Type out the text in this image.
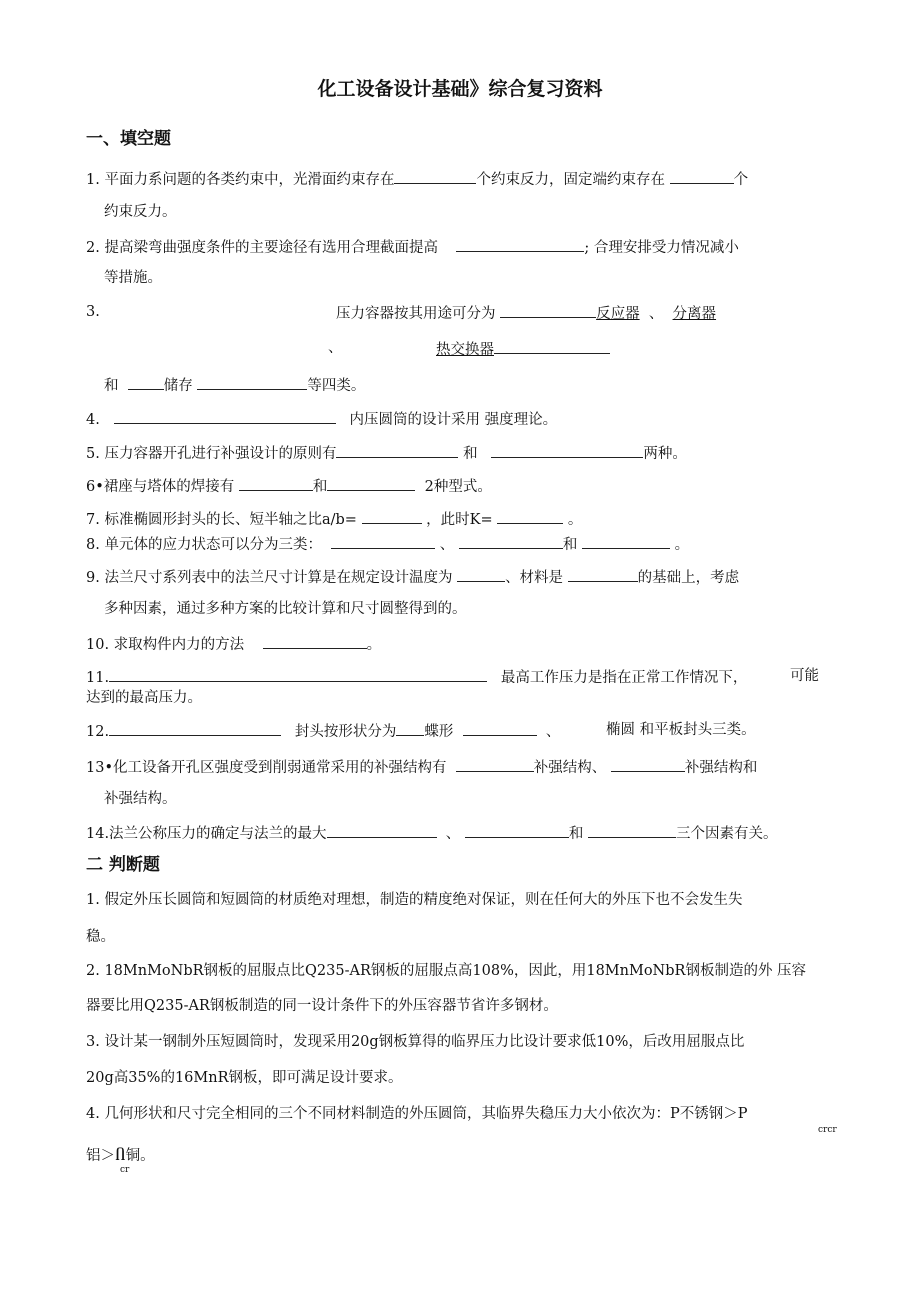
化工设备设计基础》综合复习资料
一、填空题
1. 平面力系问题的各类约束中，光滑面约束存在	个约束反力，固定端约束存在	个
约束反力。
2. 提高梁弯曲强度条件的主要途径有选用合理截面提高	; 合理安排受力情况减小
等措施。
3.	压力容器按其用途可分为	反应器 、 分离器
、	热交换器
和	储存	等四类。
4.	内压圆筒的设计采用 强度理论。
5. 压力容器开孔进行补强设计的原则有	和	两种。
6•裙座与塔体的焊接有	和	2种型式。
7. 标准椭圆形封头的长、短半轴之比a/b=	，此时K=	。
8. 单元体的应力状态可以分为三类：	、	和	。
9. 法兰尺寸系列表中的法兰尺寸计算是在规定设计温度为	、材料是	的基础上，考虑
多种因素，通过多种方案的比较计算和尺寸圆整得到的。
10. 求取构件内力的方法	。
11.	最高工作压力是指在正常工作情况下，	可能
达到的最高压力。
12.	封头按形状分为 蝶形	、	椭圆 和平板封头三类。
13•化工设备开孔区强度受到削弱通常采用的补强结构有	补强结构、	补强结构和
补强结构。
14.法兰公称压力的确定与法兰的最大	、	和	三个因素有关。
二 判断题
1. 假定外压长圆筒和短圆筒的材质绝对理想，制造的精度绝对保证，则在任何大的外压下也不会发生失
稳。
2. 18MnMoNbR钢板的屈服点比Q235-AR钢板的屈服点高108%，因此，用18MnMoNbR钢板制造的外 压容
器要比用Q235-AR钢板制造的同一设计条件下的外压容器节省许多钢材。
3. 设计某一钢制外压短圆筒时，发现采用20g钢板算得的临界压力比设计要求低10%，后改用屈服点比
20g高35%的16MnR钢板，即可满足设计要求。
4. 几何形状和尺寸完全相同的三个不同材料制造的外压圆筒，其临界失稳压力大小依次为：P不锈钢＞P
crcr
铝＞Ⴖ铜。
cr
